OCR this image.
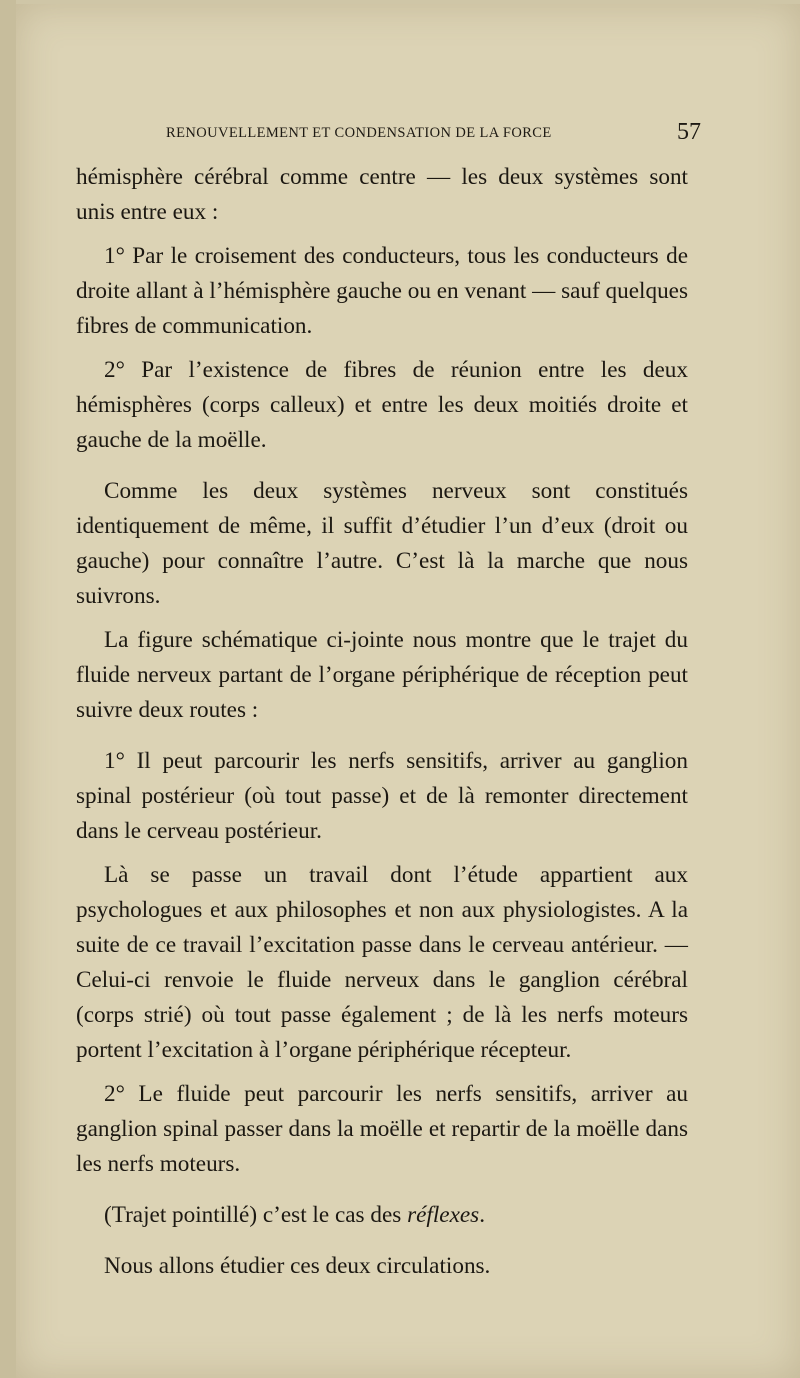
RENOUVELLEMENT ET CONDENSATION DE LA FORCE	57

hémisphère cérébral comme centre — les deux systèmes sont unis entre eux :

1° Par le croisement des conducteurs, tous les conducteurs de droite allant à l’hémisphère gauche ou en venant — sauf quelques fibres de communication.

2° Par l’existence de fibres de réunion entre les deux hémisphères (corps calleux) et entre les deux moitiés droite et gauche de la moëlle.

Comme les deux systèmes nerveux sont constitués identiquement de même, il suffit d’étudier l’un d’eux (droit ou gauche) pour connaître l’autre. C’est là la marche que nous suivrons.

La figure schématique ci-jointe nous montre que le trajet du fluide nerveux partant de l’organe périphérique de réception peut suivre deux routes :

1° Il peut parcourir les nerfs sensitifs, arriver au ganglion spinal postérieur (où tout passe) et de là remonter directement dans le cerveau postérieur.

Là se passe un travail dont l’étude appartient aux psychologues et aux philosophes et non aux physiologistes. A la suite de ce travail l’excitation passe dans le cerveau antérieur. — Celui-ci renvoie le fluide nerveux dans le ganglion cérébral (corps strié) où tout passe également ; de là les nerfs moteurs portent l’excitation à l’organe périphérique récepteur.

2° Le fluide peut parcourir les nerfs sensitifs, arriver au ganglion spinal passer dans la moëlle et repartir de la moëlle dans les nerfs moteurs.

(Trajet pointillé) c’est le cas des réflexes.

Nous allons étudier ces deux circulations.
